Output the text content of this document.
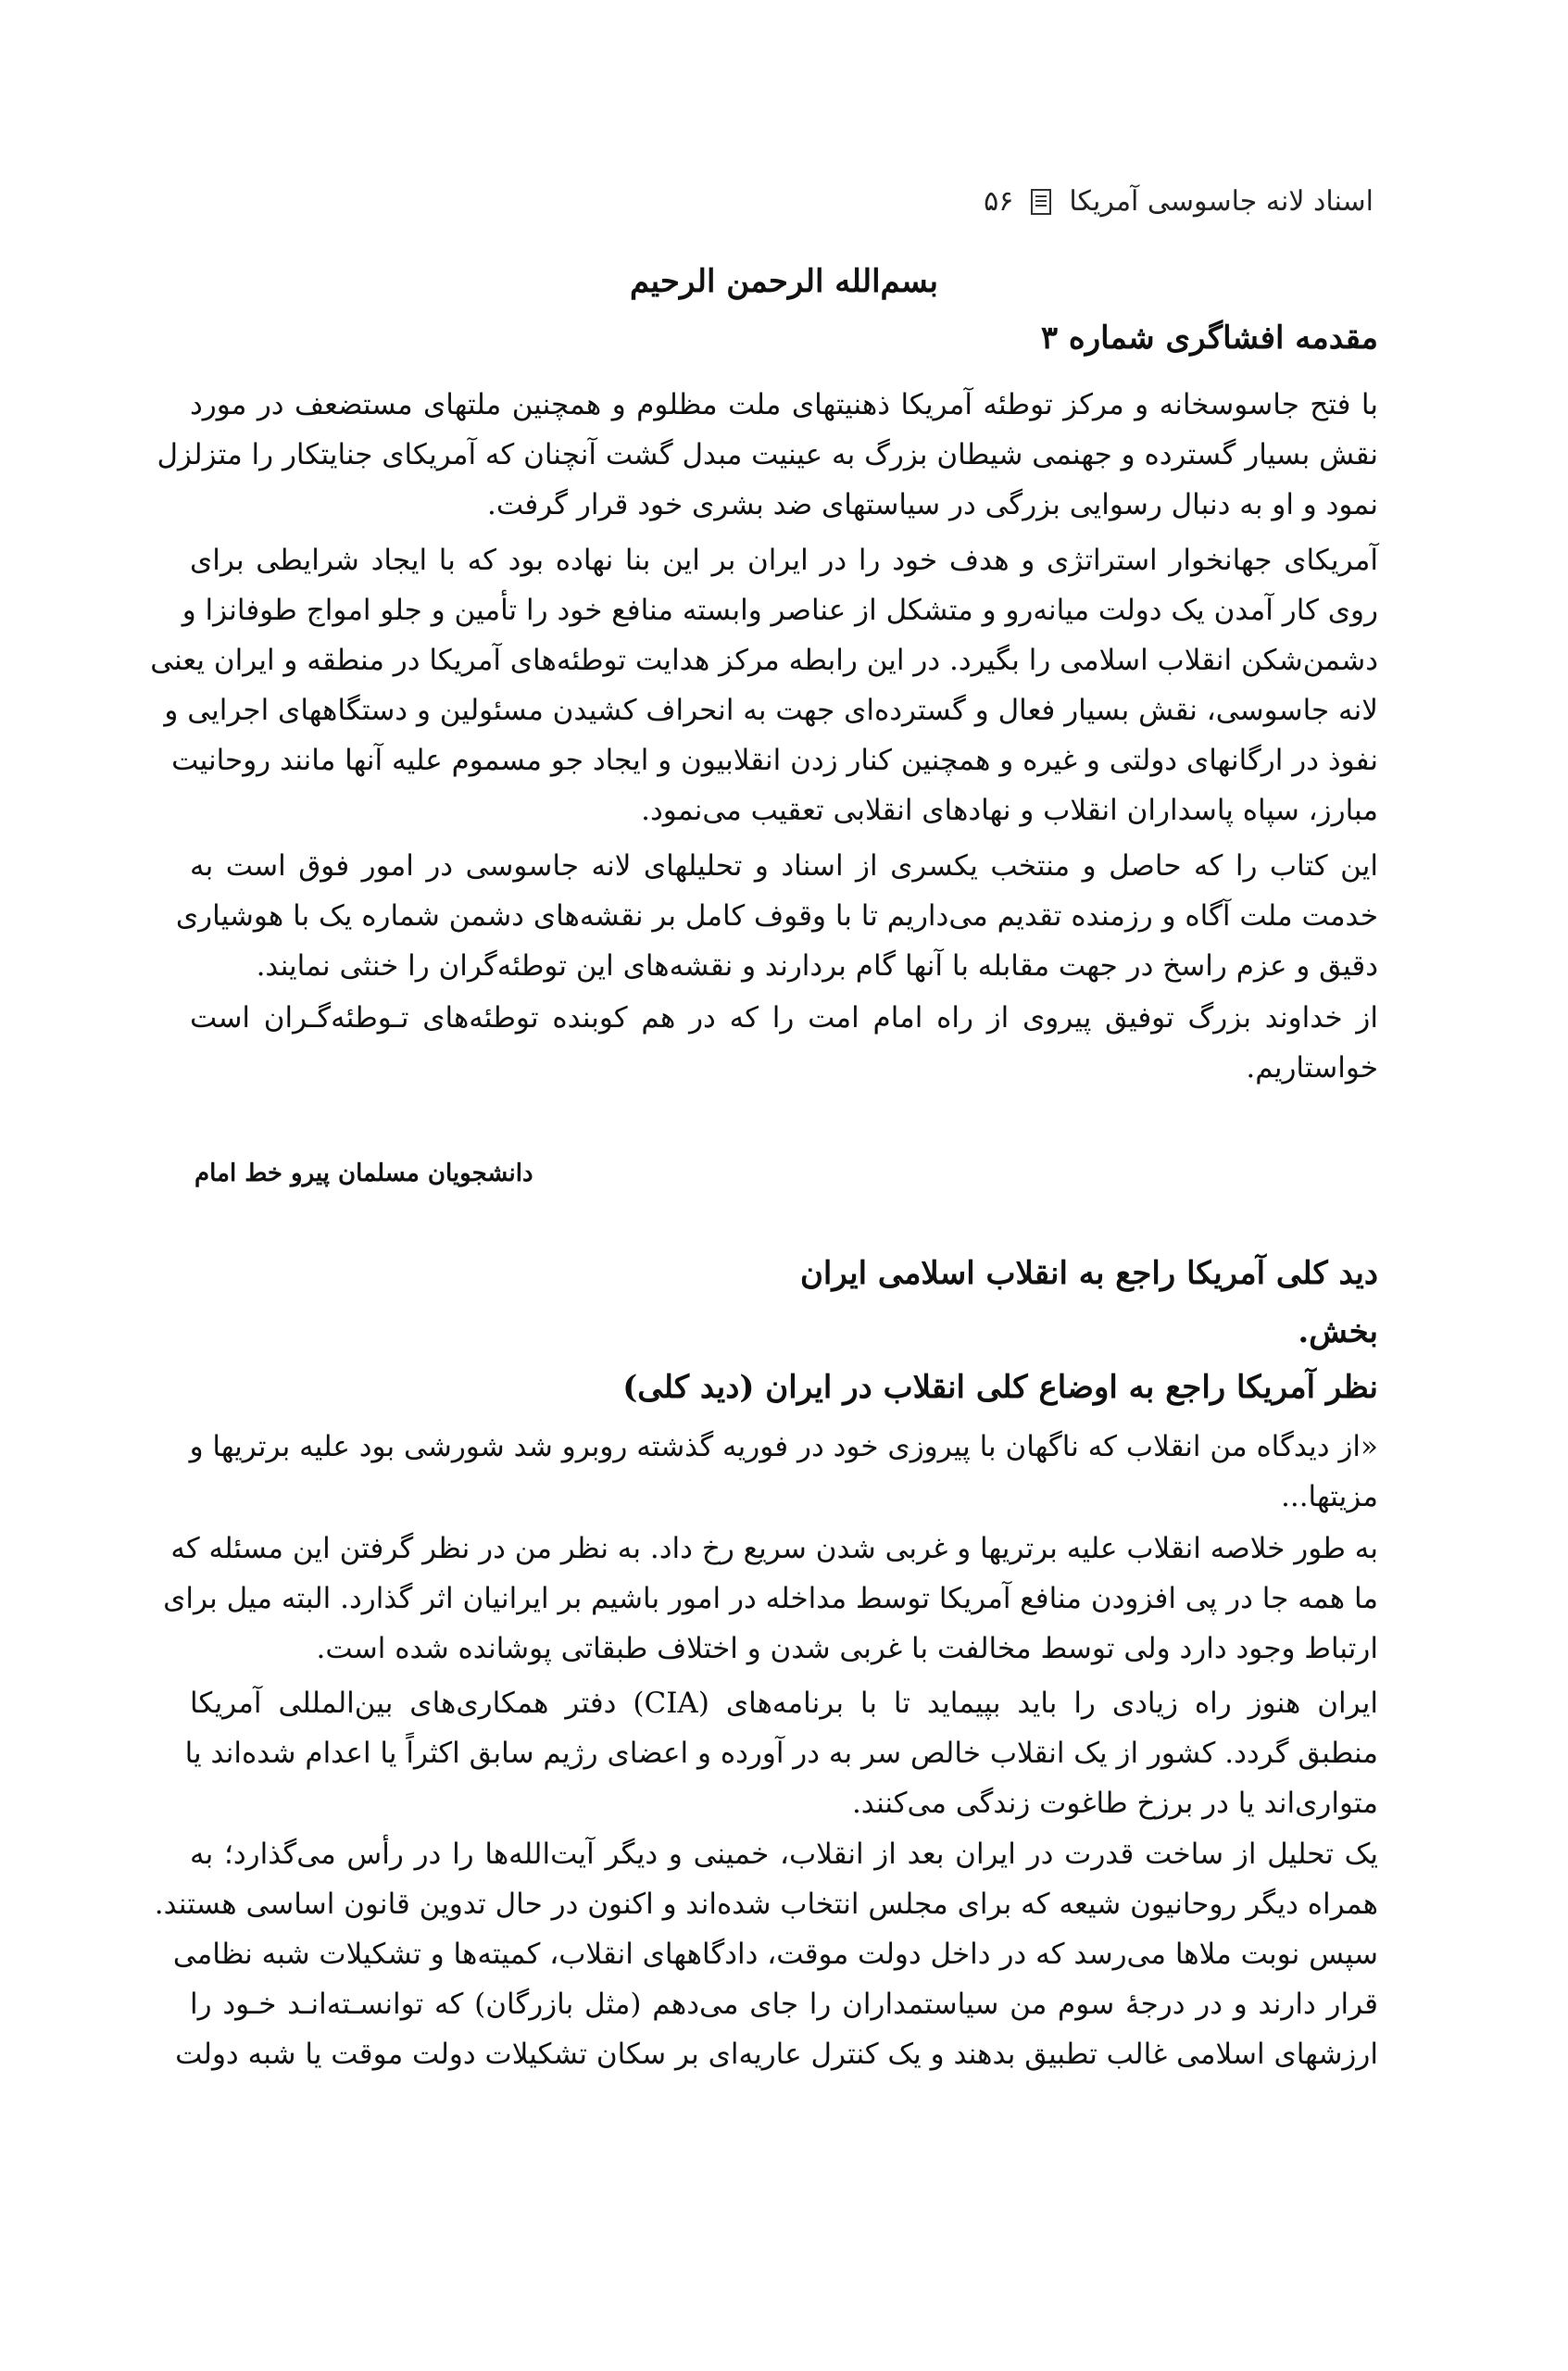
اسناد لانه جاسوسی آمریکا
۵۶
بسم‌الله الرحمن الرحیم
مقدمه افشاگری شماره ۳

با فتح جاسوسخانه و مرکز توطئه آمریکا ذهنیتهای ملت مظلوم و همچنین ملتهای مستضعف در مورد

نقش بسیار گسترده و جهنمی شیطان بزرگ به عینیت مبدل گشت آنچنان که آمریکای جنایتکار را متزلزل

نمود و او به دنبال رسوایی بزرگی در سیاستهای ضد بشری خود قرار گرفت.

آمریکای جهانخوار استراتژی و هدف خود را در ایران بر این بنا نهاده بود که با ایجاد شرایطی برای

روی کار آمدن یک دولت میانه‌رو و متشکل از عناصر وابسته منافع خود را تأمین و جلو امواج طوفانزا و

دشمن‌شکن انقلاب اسلامی را بگیرد. در این رابطه مرکز هدایت توطئه‌های آمریکا در منطقه و ایران یعنی

لانه جاسوسی، نقش بسیار فعال و گسترده‌ای جهت به انحراف کشیدن مسئولین و دستگاههای اجرایی و

نفوذ در ارگانهای دولتی و غیره و همچنین کنار زدن انقلابیون و ایجاد جو مسموم علیه آنها مانند روحانیت

مبارز، سپاه پاسداران انقلاب و نهادهای انقلابی تعقیب می‌نمود.

این کتاب را که حاصل و منتخب یکسری از اسناد و تحلیلهای لانه جاسوسی در امور فوق است به

خدمت ملت آگاه و رزمنده تقدیم می‌داریم تا با وقوف کامل بر نقشه‌های دشمن شماره یک با هوشیاری

دقیق و عزم راسخ در جهت مقابله با آنها گام بردارند و نقشه‌های این توطئه‌گران را خنثی نمایند.

از خداوند بزرگ توفیق پیروی از راه امام امت را که در هم کوبنده توطئه‌های تـوطئه‌گـران است

خواستاریم.

دانشجویان مسلمان پیرو خط امام
دید کلی آمریکا راجع به انقلاب اسلامی ایران
بخش.
نظر آمریکا راجع به اوضاع کلی انقلاب در ایران (دید کلی)

«از دیدگاه من انقلاب که ناگهان با پیروزی خود در فوریه گذشته روبرو شد شورشی بود علیه برتریها و

مزیتها...

به طور خلاصه انقلاب علیه برتریها و غربی شدن سریع رخ داد. به نظر من در نظر گرفتن این مسئله که

ما همه جا در پی افزودن منافع آمریکا توسط مداخله در امور باشیم بر ایرانیان اثر گذارد. البته میل برای

ارتباط وجود دارد ولی توسط مخالفت با غربی شدن و اختلاف طبقاتی پوشانده شده است.

ایران هنوز راه زیادی را باید بپیماید تا با برنامه‌های (CIA) دفتر همکاری‌های بین‌المللی آمریکا

منطبق گردد. کشور از یک انقلاب خالص سر به در آورده و اعضای رژیم سابق اکثراً یا اعدام شده‌اند یا

متواری‌اند یا در برزخ طاغوت زندگی می‌کنند.

یک تحلیل از ساخت قدرت در ایران بعد از انقلاب، خمینی و دیگر آیت‌الله‌ها را در رأس می‌گذارد؛ به

همراه دیگر روحانیون شیعه که برای مجلس انتخاب شده‌اند و اکنون در حال تدوین قانون اساسی هستند.

سپس نوبت ملاها می‌رسد که در داخل دولت موقت، دادگاههای انقلاب، کمیته‌ها و تشکیلات شبه نظامی

قرار دارند و در درجهٔ سوم من سیاستمداران را جای می‌دهم (مثل بازرگان) که توانسـته‌انـد خـود را

ارزشهای اسلامی غالب تطبیق بدهند و یک کنترل عاریه‌ای بر سکان تشکیلات دولت موقت یا شبه دولت
